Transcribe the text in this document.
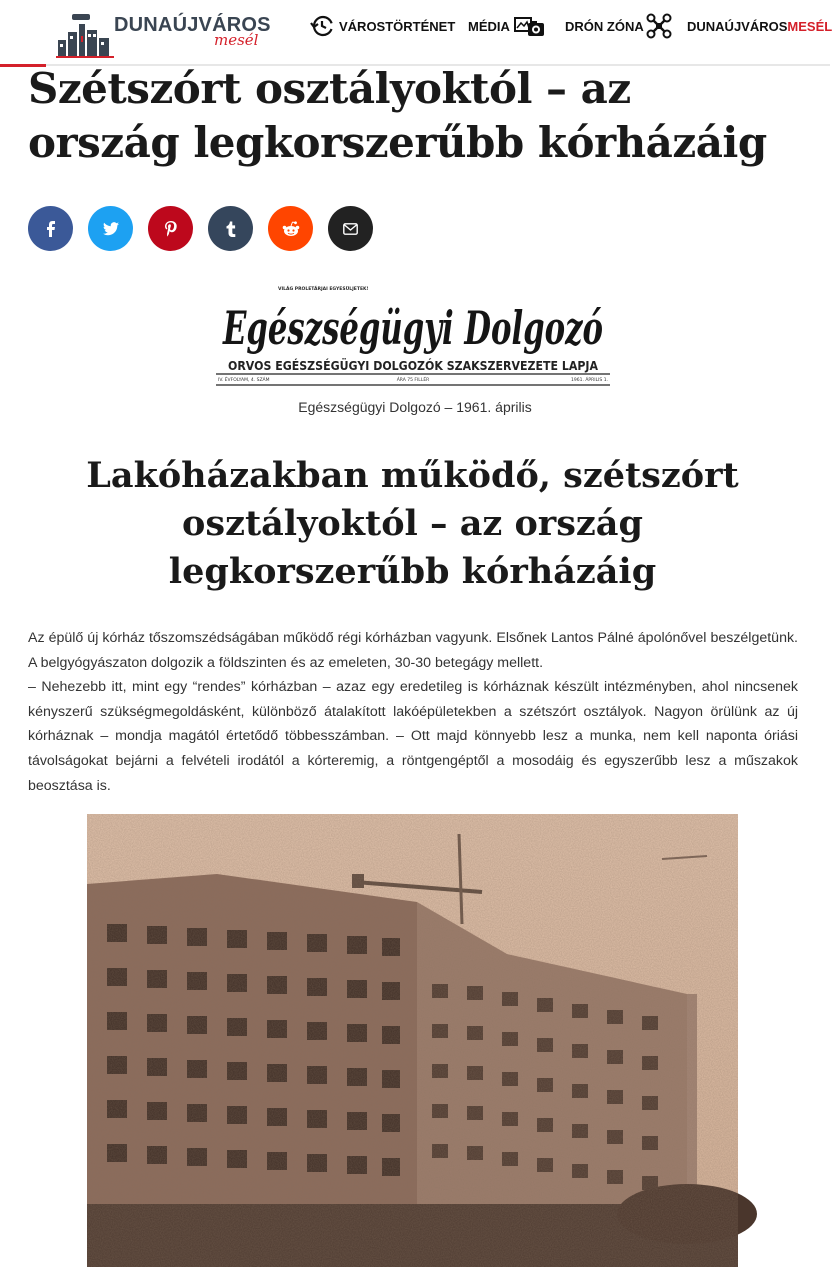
DUNAÚJVÁROS
mesél
VÁROSTÖRTÉNET MÉDIA	DRÓN ZÓNA	DUNAÚJVÁROS MESÉL
Szétszórt osztályoktól – az ország legkorszerűbb kórházáig
VILÁG PROLETÁRJAI EGYESÜLJETEK!
Egészségügyi Dolgozó
ORVOS EGÉSZSÉGÜGYI DOLGOZÓK SZAKSZERVEZETE LAPJA
IV. ÉVFOLYAM, 4. SZÁM	ÁRA 75 FILLÉR	1961. ÁPRILIS 1.
Egészségügyi Dolgozó – 1961. április
Lakóházakban működő, szétszórt osztályoktól – az ország legkorszerűbb kórházáig

Az épülő új kórház tőszomszédságában működő régi kórházban vagyunk. Elsőnek Lantos Pálné ápolónővel beszélgetünk. A belgyógyászaton dolgozik a földszinten és az emeleten, 30-30 betegágy mellett.

– Nehezebb itt, mint egy “rendes” kórházban – azaz egy eredetileg is kórháznak készült intézményben, ahol nincsenek kényszerű szükségmegoldásként, különböző átalakított lakóépületekben a szétszórt osztályok. Nagyon örülünk az új kórháznak – mondja magától értetődő többesszámban. – Ott majd könnyebb lesz a munka, nem kell naponta óriási távolságokat bejárni a felvételi irodától a kórteremig, a röntgengéptől a mosodáig és egyszerűbb lesz a műszakok beosztása is.
